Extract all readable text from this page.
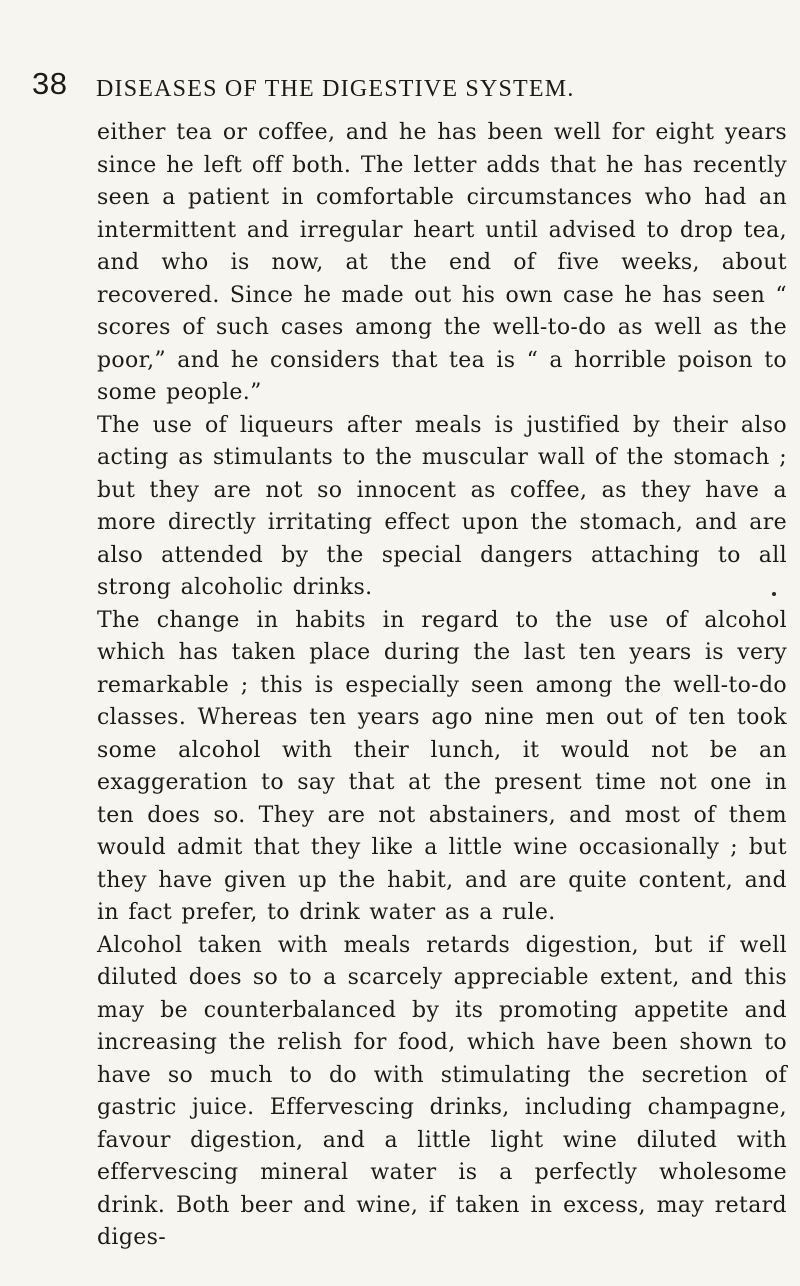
38 DISEASES OF THE DIGESTIVE SYSTEM.

either tea or coffee, and he has been well for eight years since he left off both. The letter adds that he has recently seen a patient in comfortable circumstances who had an intermittent and irregular heart until advised to drop tea, and who is now, at the end of five weeks, about recovered. Since he made out his own case he has seen “ scores of such cases among the well-to-do as well as the poor,” and he considers that tea is “ a horrible poison to some people.”

The use of liqueurs after meals is justified by their also acting as stimulants to the muscular wall of the stomach ; but they are not so innocent as coffee, as they have a more directly irritating effect upon the stomach, and are also attended by the special dangers attaching to all strong alcoholic drinks.

The change in habits in regard to the use of alcohol which has taken place during the last ten years is very remarkable ; this is especially seen among the well-to-do classes. Whereas ten years ago nine men out of ten took some alcohol with their lunch, it would not be an exaggeration to say that at the present time not one in ten does so. They are not abstainers, and most of them would admit that they like a little wine occasionally ; but they have given up the habit, and are quite content, and in fact prefer, to drink water as a rule.

Alcohol taken with meals retards digestion, but if well diluted does so to a scarcely appreciable extent, and this may be counterbalanced by its promoting appetite and increasing the relish for food, which have been shown to have so much to do with stimulating the secretion of gastric juice. Effervescing drinks, including champagne, favour digestion, and a little light wine diluted with effervescing mineral water is a perfectly wholesome drink. Both beer and wine, if taken in excess, may retard diges-
